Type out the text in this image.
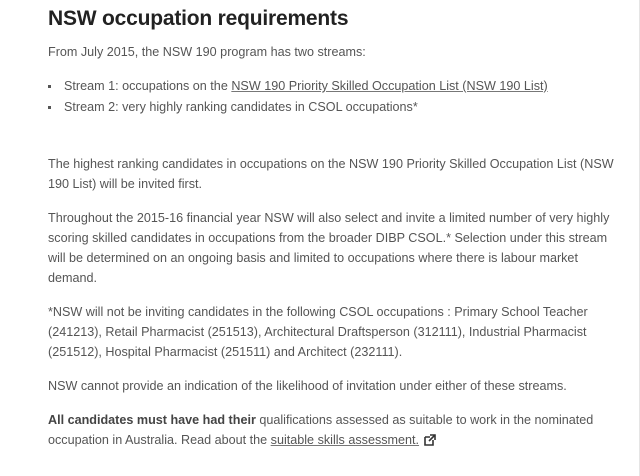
NSW occupation requirements

From July 2015, the NSW 190 program has two streams:

Stream 1: occupations on the NSW 190 Priority Skilled Occupation List (NSW 190 List)
Stream 2: very highly ranking candidates in CSOL occupations*

The highest ranking candidates in occupations on the NSW 190 Priority Skilled Occupation List (NSW 190 List) will be invited first.

Throughout the 2015-16 financial year NSW will also select and invite a limited number of very highly scoring skilled candidates in occupations from the broader DIBP CSOL.* Selection under this stream will be determined on an ongoing basis and limited to occupations where there is labour market demand.

*NSW will not be inviting candidates in the following CSOL occupations : Primary School Teacher (241213), Retail Pharmacist (251513), Architectural Draftsperson (312111), Industrial Pharmacist (251512), Hospital Pharmacist (251511) and Architect (232111).

NSW cannot provide an indication of the likelihood of invitation under either of these streams.

All candidates must have had their qualifications assessed as suitable to work in the nominated occupation in Australia. Read about the suitable skills assessment.
